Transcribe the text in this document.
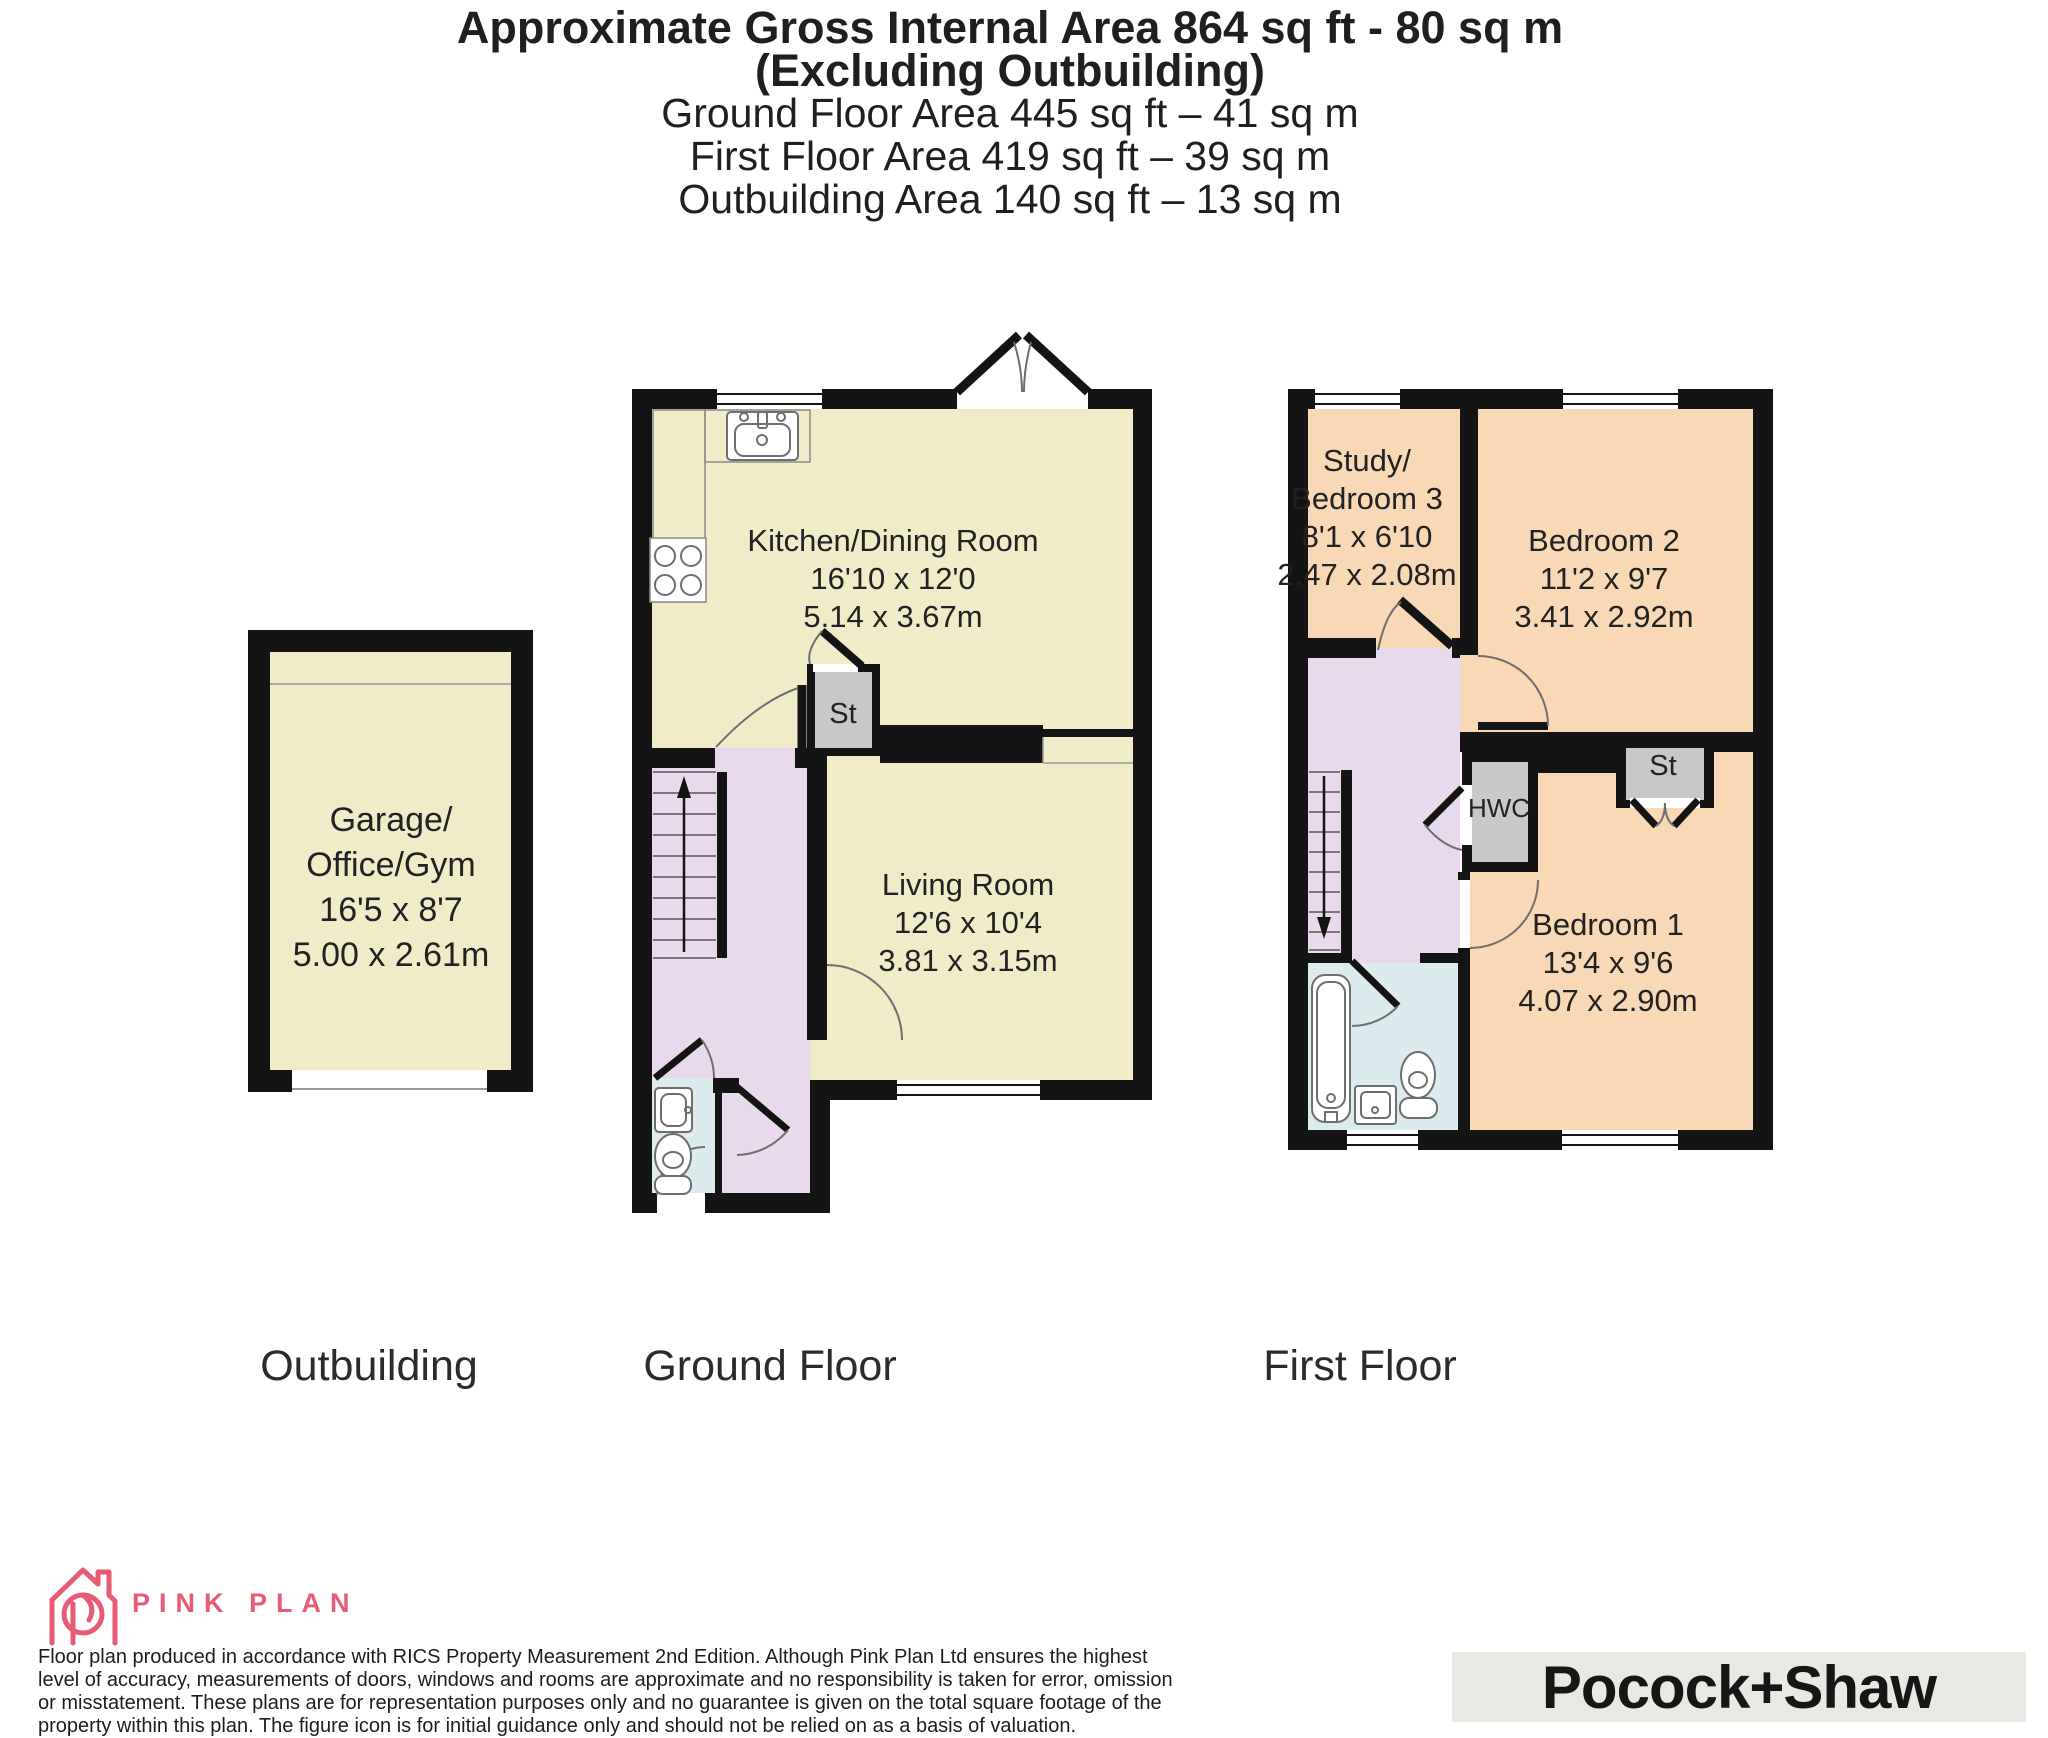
Approximate Gross Internal Area 864 sq ft - 80 sq m
(Excluding Outbuilding)
Ground Floor Area 445 sq ft – 41 sq m
First Floor Area 419 sq ft – 39 sq m
Outbuilding Area 140 sq ft – 13 sq m
Garage/
Office/Gym
16'5 x 8'7
5.00 x 2.61m
Kitchen/Dining Room
16'10 x 12'0
5.14 x 3.67m
Living Room
12'6 x 10'4
3.81 x 3.15m
St
Study/
Bedroom 3
8'1 x 6'10
2.47 x 2.08m
Bedroom 2
11'2 x 9'7
3.41 x 2.92m
Bedroom 1
13'4 x 9'6
4.07 x 2.90m
HWC
St
Outbuilding	Ground Floor	First Floor
PINK PLAN
Floor plan produced in accordance with RICS Property Measurement 2nd Edition. Although Pink Plan Ltd ensures the highest
level of accuracy, measurements of doors, windows and rooms are approximate and no responsibility is taken for error, omission
or misstatement. These plans are for representation purposes only and no guarantee is given on the total square footage of the
property within this plan. The figure icon is for initial guidance only and should not be relied on as a basis of valuation.
Pocock+Shaw
